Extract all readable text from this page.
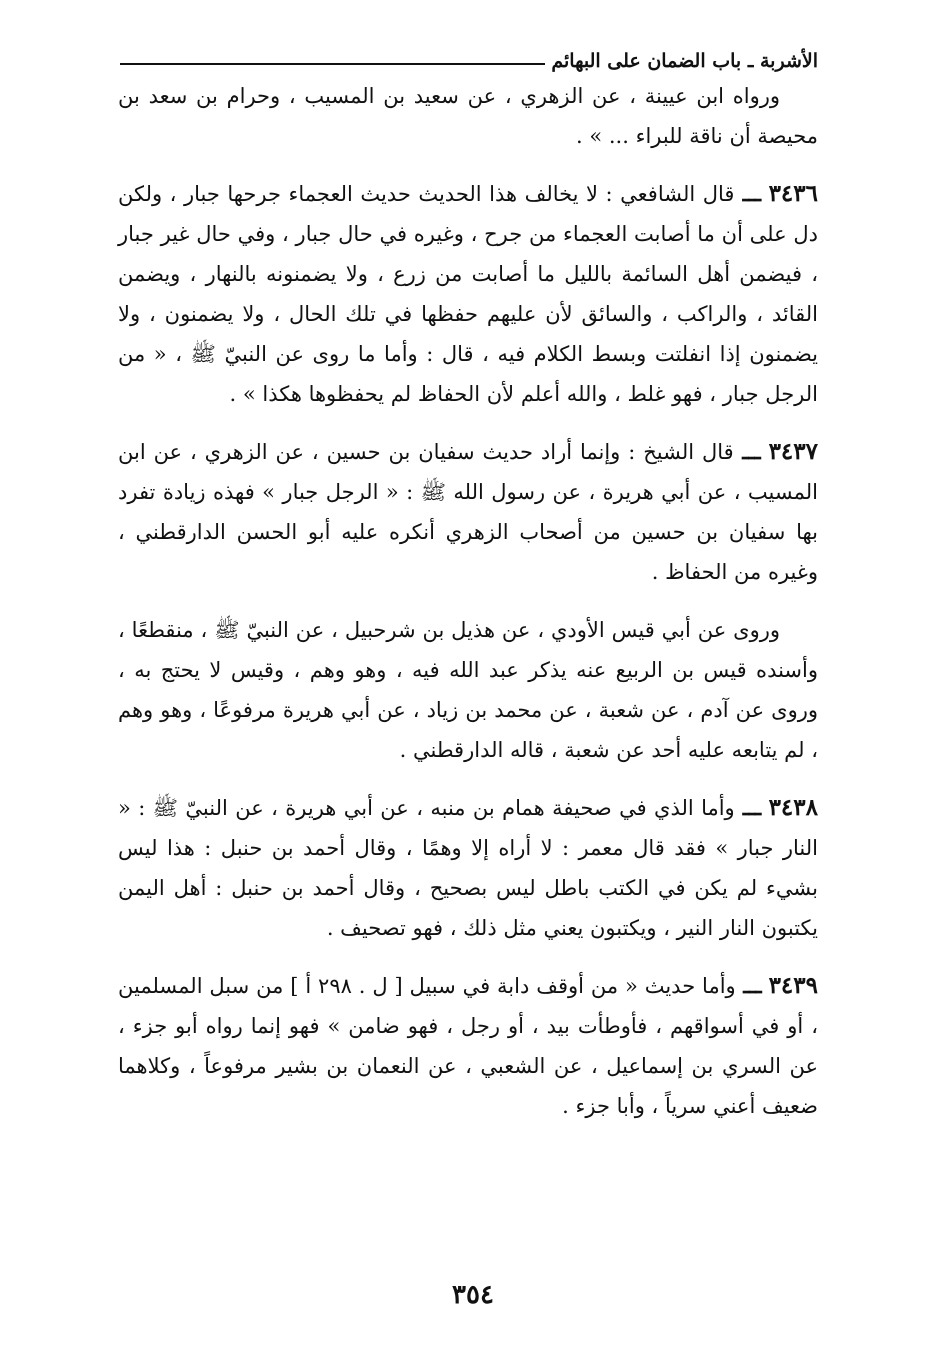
الأشربة ـ باب الضمان على البهائم

ورواه ابن عيينة ، عن الزهري ، عن سعيد بن المسيب ، وحرام بن سعد بن محيصة أن ناقة للبراء ... » .

٣٤٣٦ ـــ قال الشافعي : لا يخالف هذا الحديث حديث العجماء جرحها جبار ، ولكن دل على أن ما أصابت العجماء من جرح ، وغيره في حال جبار ، وفي حال غير جبار ، فيضمن أهل السائمة بالليل ما أصابت من زرع ، ولا يضمنونه بالنهار ، ويضمن القائد ، والراكب ، والسائق لأن عليهم حفظها في تلك الحال ، ولا يضمنون ، ولا يضمنون إذا انفلتت وبسط الكلام فيه ، قال : وأما ما روى عن النبيّ ﷺ ، « من الرجل جبار ، فهو غلط ، والله أعلم لأن الحفاظ لم يحفظوها هكذا » .

٣٤٣٧ ـــ قال الشيخ : وإنما أراد حديث سفيان بن حسين ، عن الزهري ، عن ابن المسيب ، عن أبي هريرة ، عن رسول الله ﷺ : « الرجل جبار » فهذه زيادة تفرد بها سفيان بن حسين من أصحاب الزهري أنكره عليه أبو الحسن الدارقطني ، وغيره من الحفاظ .

وروى عن أبي قيس الأودي ، عن هذيل بن شرحبيل ، عن النبيّ ﷺ ، منقطعًا ، وأسنده قيس بن الربيع عنه يذكر عبد الله فيه ، وهو وهم ، وقيس لا يحتج به ، وروى عن آدم ، عن شعبة ، عن محمد بن زياد ، عن أبي هريرة مرفوعًا ، وهو وهم ، لم يتابعه عليه أحد عن شعبة ، قاله الدارقطني .

٣٤٣٨ ـــ وأما الذي في صحيفة همام بن منبه ، عن أبي هريرة ، عن النبيّ ﷺ : « النار جبار » فقد قال معمر : لا أراه إلا وهمًا ، وقال أحمد بن حنبل : هذا ليس بشيء لم يكن في الكتب باطل ليس بصحيح ، وقال أحمد بن حنبل : أهل اليمن يكتبون النار النير ، ويكتبون يعني مثل ذلك ، فهو تصحيف .

٣٤٣٩ ـــ وأما حديث « من أوقف دابة في سبيل [ ل . ٢٩٨ أ ] من سبل المسلمين ، أو في أسواقهم ، فأوطأت بيد ، أو رجل ، فهو ضامن » فهو إنما رواه أبو جزء ، عن السري بن إسماعيل ، عن الشعبي ، عن النعمان بن بشير مرفوعاً ، وكلاهما ضعيف أعني سرياً ، وأبا جزء .

٣٥٤
